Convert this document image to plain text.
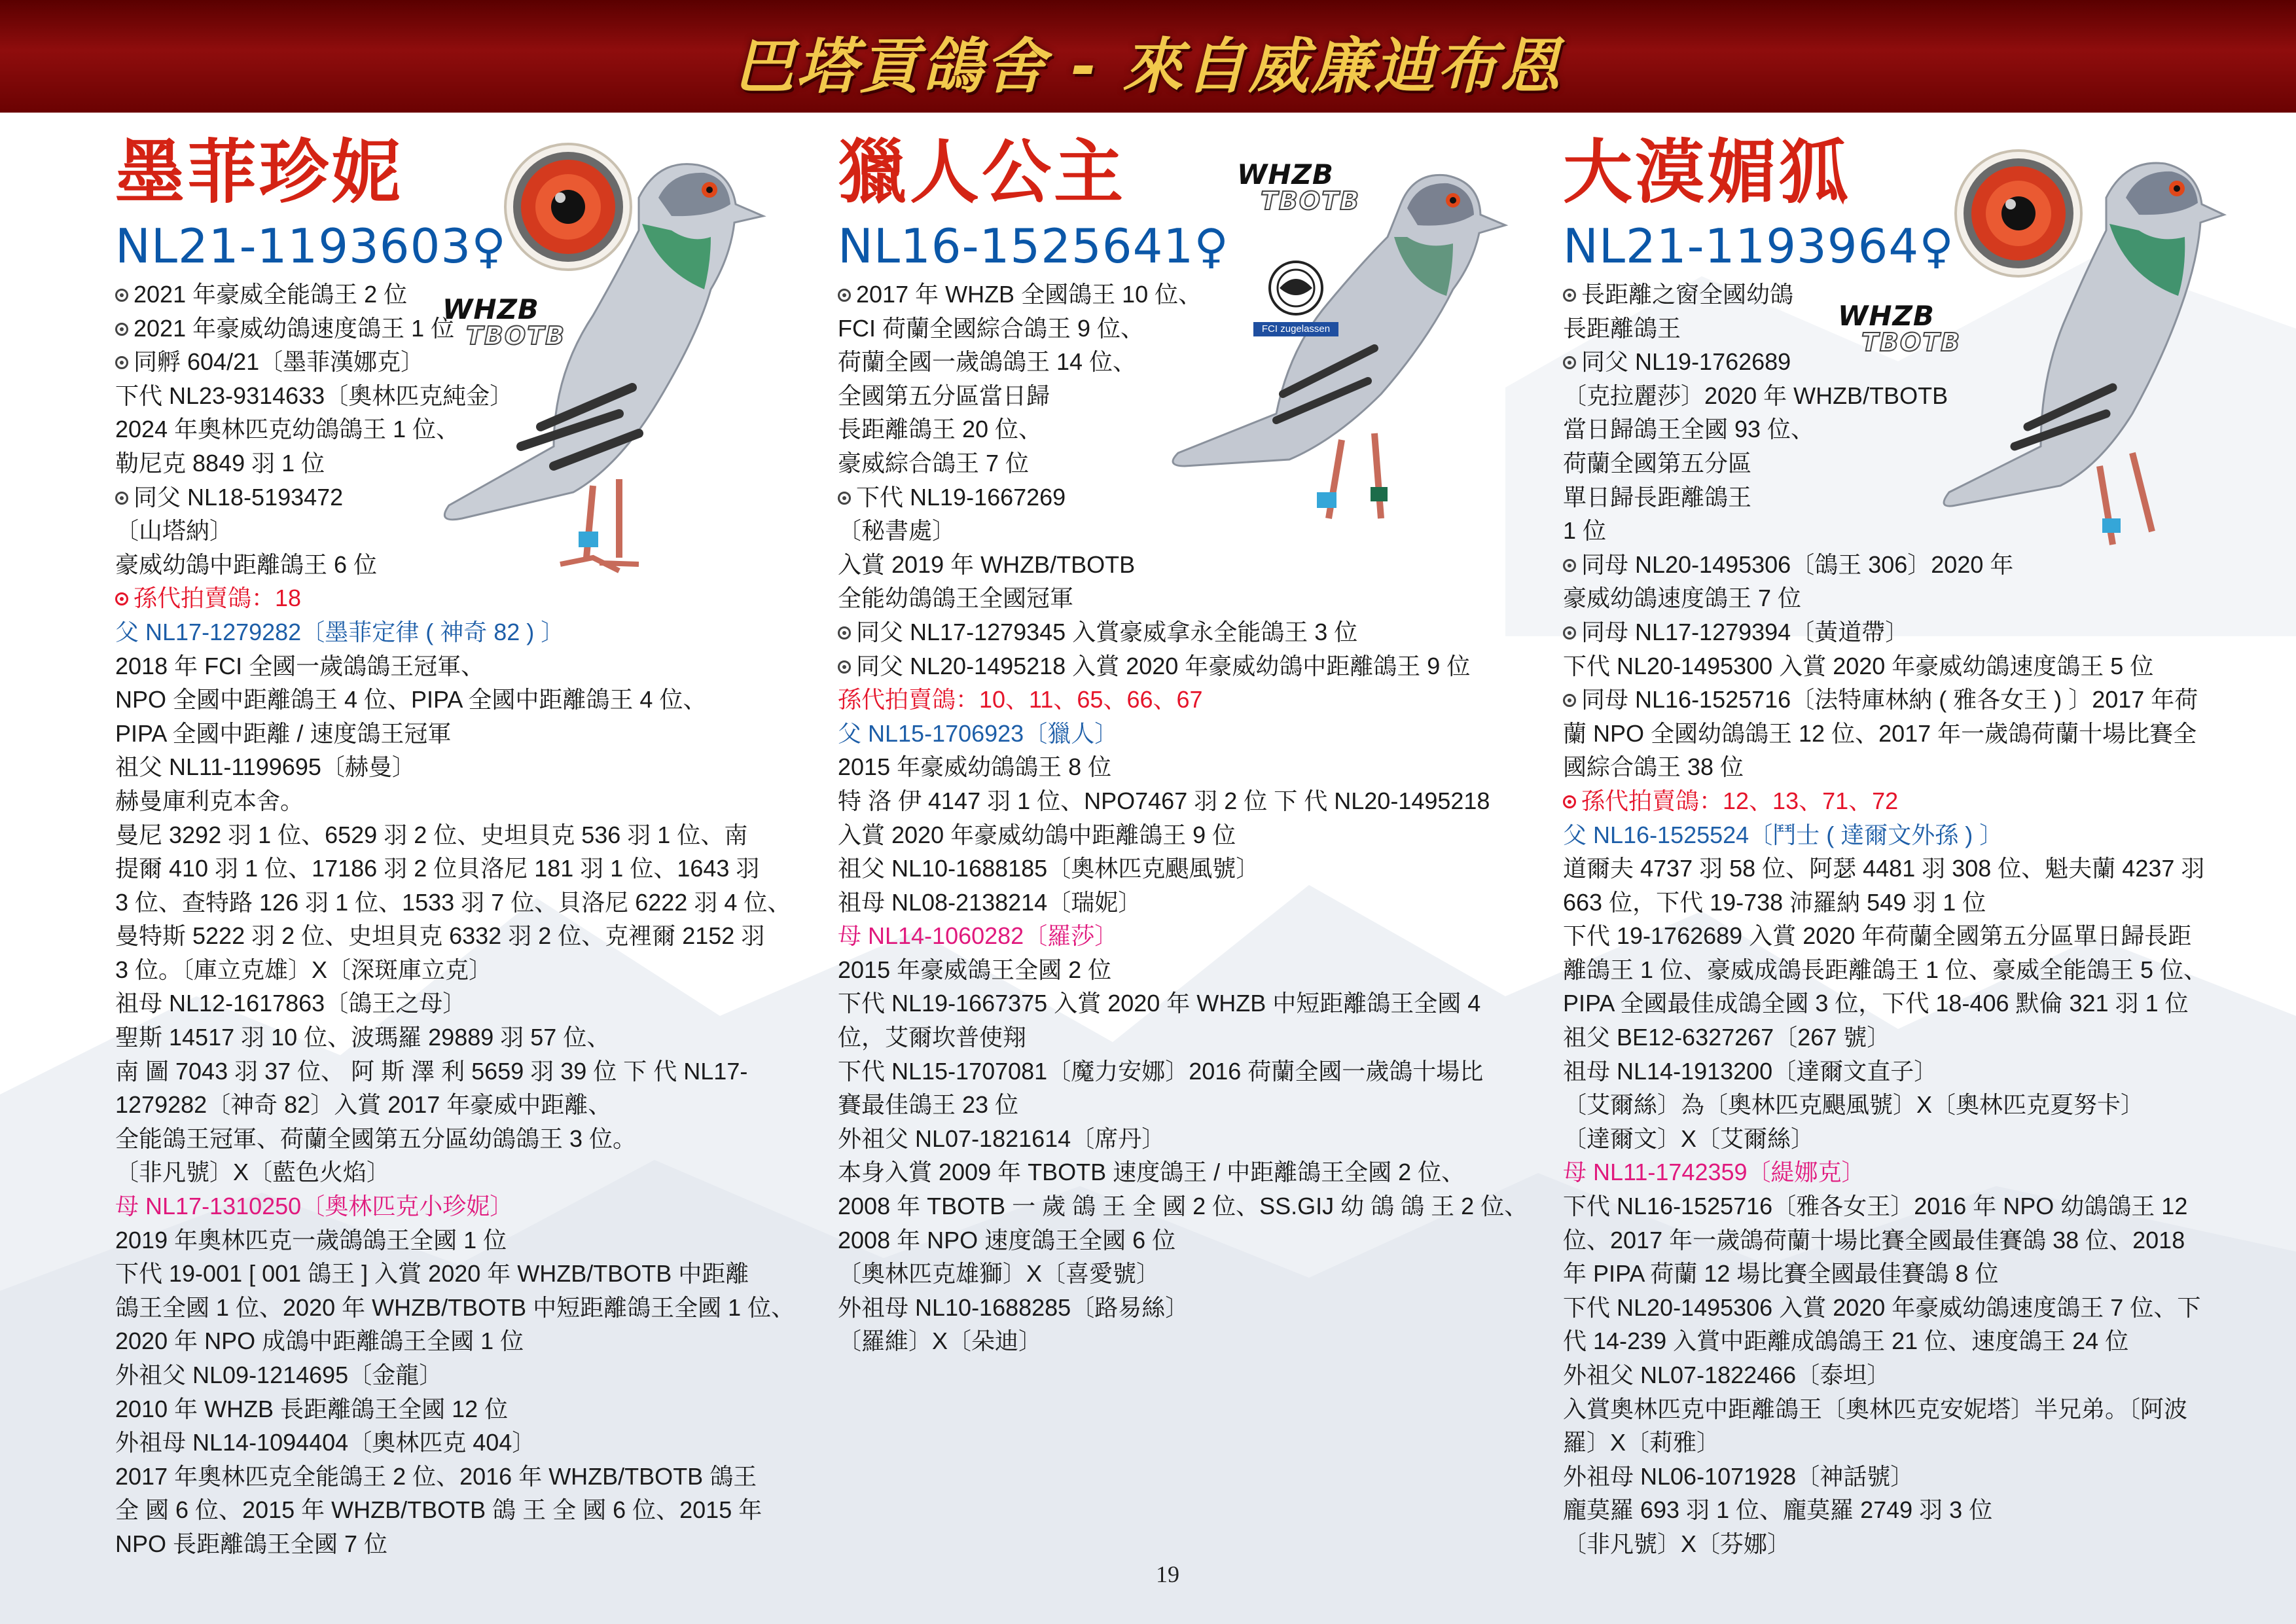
巴塔貢鴿舍 - 來自威廉迪布恩
WHZB
TBOTB
墨菲珍妮
NL21-1193603♀
2021 年豪威全能鴿王 2 位
2021 年豪威幼鴿速度鴿王 1 位
同孵 604/21〔墨菲漢娜克〕
下代 NL23-9314633〔奧林匹克純金〕
2024 年奧林匹克幼鴿鴿王 1 位、
勒尼克 8849 羽 1 位
同父 NL18-5193472
〔山塔納〕
豪威幼鴿中距離鴿王 6 位
孫代拍賣鴿：18
父 NL17-1279282〔墨菲定律 ( 神奇 82 ) 〕
2018 年 FCI 全國一歲鴿鴿王冠軍、
NPO 全國中距離鴿王 4 位、PIPA 全國中距離鴿王 4 位、
PIPA 全國中距離 / 速度鴿王冠軍
祖父 NL11-1199695〔赫曼〕
赫曼庫利克本舍。
曼尼 3292 羽 1 位、6529 羽 2 位、史坦貝克 536 羽 1 位、南
提爾 410 羽 1 位、17186 羽 2 位貝洛尼 181 羽 1 位、1643 羽
3 位、查特路 126 羽 1 位、1533 羽 7 位、貝洛尼 6222 羽 4 位、
曼特斯 5222 羽 2 位、史坦貝克 6332 羽 2 位、克裡爾 2152 羽
3 位。〔庫立克雄〕X〔深斑庫立克〕
祖母 NL12-1617863〔鴿王之母〕
聖斯 14517 羽 10 位、波瑪羅 29889 羽 57 位、
南 圖 7043 羽 37 位、 阿 斯 澤 利 5659 羽 39 位 下 代 NL17-
1279282〔神奇 82〕入賞 2017 年豪威中距離、
全能鴿王冠軍、荷蘭全國第五分區幼鴿鴿王 3 位。
〔非凡號〕X〔藍色火焰〕
母 NL17-1310250〔奧林匹克小珍妮〕
2019 年奧林匹克一歲鴿鴿王全國 1 位
下代 19-001 [ 001 鴿王 ] 入賞 2020 年 WHZB/TBOTB 中距離
鴿王全國 1 位、2020 年 WHZB/TBOTB 中短距離鴿王全國 1 位、
2020 年 NPO 成鴿中距離鴿王全國 1 位
外祖父 NL09-1214695〔金龍〕
2010 年 WHZB 長距離鴿王全國 12 位
外祖母 NL14-1094404〔奧林匹克 404〕
2017 年奧林匹克全能鴿王 2 位、2016 年 WHZB/TBOTB 鴿王
全 國 6 位、2015 年 WHZB/TBOTB 鴿 王 全 國 6 位、2015 年
NPO 長距離鴿王全國 7 位
WHZB
TBOTB
FCI zugelassen
獵人公主
NL16-1525641♀
2017 年 WHZB 全國鴿王 10 位、
FCI 荷蘭全國綜合鴿王 9 位、
荷蘭全國一歲鴿鴿王 14 位、
全國第五分區當日歸
長距離鴿王 20 位、
豪威綜合鴿王 7 位
下代 NL19-1667269
〔秘書處〕
入賞 2019 年 WHZB/TBOTB
全能幼鴿鴿王全國冠軍
同父 NL17-1279345 入賞豪威拿永全能鴿王 3 位
同父 NL20-1495218 入賞 2020 年豪威幼鴿中距離鴿王 9 位
孫代拍賣鴿：10、11、65、66、67
父 NL15-1706923〔獵人〕
2015 年豪威幼鴿鴿王 8 位
特 洛 伊 4147 羽 1 位、NPO7467 羽 2 位 下 代 NL20-1495218
入賞 2020 年豪威幼鴿中距離鴿王 9 位
祖父 NL10-1688185〔奧林匹克颶風號〕
祖母 NL08-2138214〔瑞妮〕
母 NL14-1060282〔羅莎〕
2015 年豪威鴿王全國 2 位
下代 NL19-1667375 入賞 2020 年 WHZB 中短距離鴿王全國 4
位，艾爾坎普使翔
下代 NL15-1707081〔魔力安娜〕2016 荷蘭全國一歲鴿十場比
賽最佳鴿王 23 位
外祖父 NL07-1821614〔席丹〕
本身入賞 2009 年 TBOTB 速度鴿王 / 中距離鴿王全國 2 位、
2008 年 TBOTB 一 歲 鴿 王 全 國 2 位、SS.GIJ 幼 鴿 鴿 王 2 位、
2008 年 NPO 速度鴿王全國 6 位
〔奧林匹克雄獅〕X〔喜愛號〕
外祖母 NL10-1688285〔路易絲〕
〔羅維〕X〔朵迪〕
WHZB
TBOTB
大漠媚狐
NL21-1193964♀
長距離之窗全國幼鴿
長距離鴿王
同父 NL19-1762689
〔克拉麗莎〕2020 年 WHZB/TBOTB
當日歸鴿王全國 93 位、
荷蘭全國第五分區
單日歸長距離鴿王
1 位
同母 NL20-1495306〔鴿王 306〕2020 年
豪威幼鴿速度鴿王 7 位
同母 NL17-1279394〔黃道帶〕
下代 NL20-1495300 入賞 2020 年豪威幼鴿速度鴿王 5 位
同母 NL16-1525716〔法特庫林納 ( 雅各女王 ) 〕2017 年荷
蘭 NPO 全國幼鴿鴿王 12 位、2017 年一歲鴿荷蘭十場比賽全
國綜合鴿王 38 位
孫代拍賣鴿：12、13、71、72
父 NL16-1525524〔鬥士 ( 達爾文外孫 ) 〕
道爾夫 4737 羽 58 位、阿瑟 4481 羽 308 位、魁夫蘭 4237 羽
663 位，下代 19-738 沛羅納 549 羽 1 位
下代 19-1762689 入賞 2020 年荷蘭全國第五分區單日歸長距
離鴿王 1 位、豪威成鴿長距離鴿王 1 位、豪威全能鴿王 5 位、
PIPA 全國最佳成鴿全國 3 位，下代 18-406 默倫 321 羽 1 位
祖父 BE12-6327267〔267 號〕
祖母 NL14-1913200〔達爾文直子〕
〔艾爾絲〕為〔奧林匹克颶風號〕X〔奧林匹克夏努卡〕
〔達爾文〕X〔艾爾絲〕
母 NL11-1742359〔緹娜克〕
下代 NL16-1525716〔雅各女王〕2016 年 NPO 幼鴿鴿王 12
位、2017 年一歲鴿荷蘭十場比賽全國最佳賽鴿 38 位、2018
年 PIPA 荷蘭 12 場比賽全國最佳賽鴿 8 位
下代 NL20-1495306 入賞 2020 年豪威幼鴿速度鴿王 7 位、下
代 14-239 入賞中距離成鴿鴿王 21 位、速度鴿王 24 位
外祖父 NL07-1822466〔泰坦〕
入賞奧林匹克中距離鴿王〔奧林匹克安妮塔〕半兄弟。〔阿波
羅〕X〔莉雅〕
外祖母 NL06-1071928〔神話號〕
龐莫羅 693 羽 1 位、龐莫羅 2749 羽 3 位
〔非凡號〕X〔芬娜〕
19
